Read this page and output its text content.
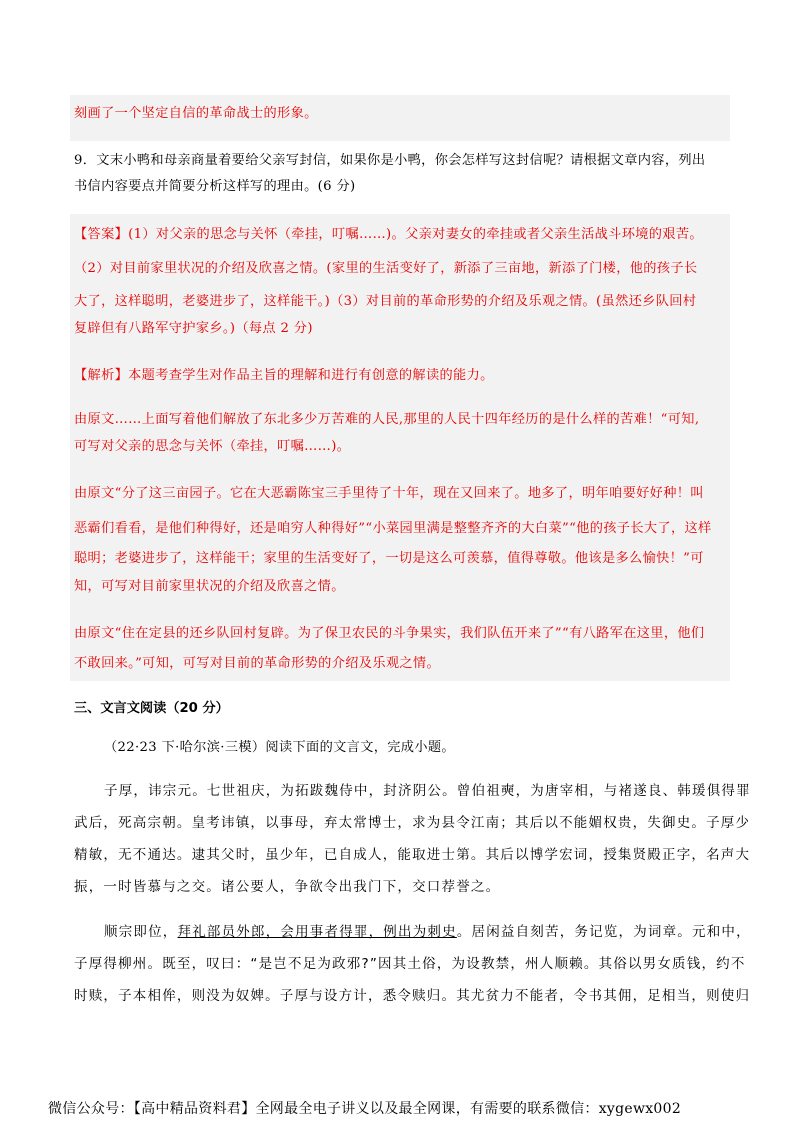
刻画了一个坚定自信的革命战士的形象。
9．文末小鸭和母亲商量着要给父亲写封信，如果你是小鸭，你会怎样写这封信呢？请根据文章内容，列出
书信内容要点并简要分析这样写的理由。(6 分)
【答案】(1）对父亲的思念与关怀（牵挂，叮嘱……)。父亲对妻女的牵挂或者父亲生活战斗环境的艰苦。
（2）对目前家里状况的介绍及欣喜之情。(家里的生活变好了，新添了三亩地，新添了门楼，他的孩子长
大了，这样聪明，老婆进步了，这样能干。)（3）对目前的革命形势的介绍及乐观之情。(虽然还乡队回村
复辟但有八路军守护家乡。)（每点 2 分)
【解析】本题考查学生对作品主旨的理解和进行有创意的解读的能力。
由原文……上面写着他们解放了东北多少万苦难的人民,那里的人民十四年经历的是什么样的苦难！“可知,
可写对父亲的思念与关怀（牵挂，叮嘱……)。
由原文“分了这三亩园子。它在大恶霸陈宝三手里待了十年，现在又回来了。地多了，明年咱要好好种！叫
恶霸们看看，是他们种得好，还是咱穷人种得好”“小菜园里满是整整齐齐的大白菜”“他的孩子长大了，这样
聪明；老婆进步了，这样能干；家里的生活变好了，一切是这么可羡慕，值得尊敬。他该是多么愉快！”可
知，可写对目前家里状况的介绍及欣喜之情。
由原文“住在定县的还乡队回村复辟。为了保卫农民的斗争果实，我们队伍开来了”“有八路军在这里，他们
不敢回来。”可知，可写对目前的革命形势的介绍及乐观之情。
三、文言文阅读（20 分）
（22·23 下·哈尔滨·三模）阅读下面的文言文，完成小题。
子厚，讳宗元。七世祖庆，为拓跋魏侍中，封济阴公。曾伯祖奭，为唐宰相，与褚遂良、韩瑗俱得罪
武后，死高宗朝。皇考讳镇，以事母，弃太常博士，求为县令江南；其后以不能媚权贵，失御史。子厚少
精敏，无不通达。逮其父时，虽少年，已自成人，能取进士第。其后以博学宏词，授集贤殿正字，名声大
振，一时皆慕与之交。诸公要人，争欲令出我门下，交口荐誉之。
顺宗即位，拜礼部员外郎，会用事者得罪，例出为刺史。居闲益自刻苦，务记览，为词章。元和中，
子厚得柳州。既至，叹曰：“是岂不足为政邪?”因其土俗，为设教禁，州人顺赖。其俗以男女质钱，约不
时赎，子本相侔，则没为奴婢。子厚与设方计，悉令赎归。其尤贫力不能者，令书其佣，足相当，则使归
微信公众号：【高中精品资料君】全网最全电子讲义以及最全网课，有需要的联系微信：xygewx002
